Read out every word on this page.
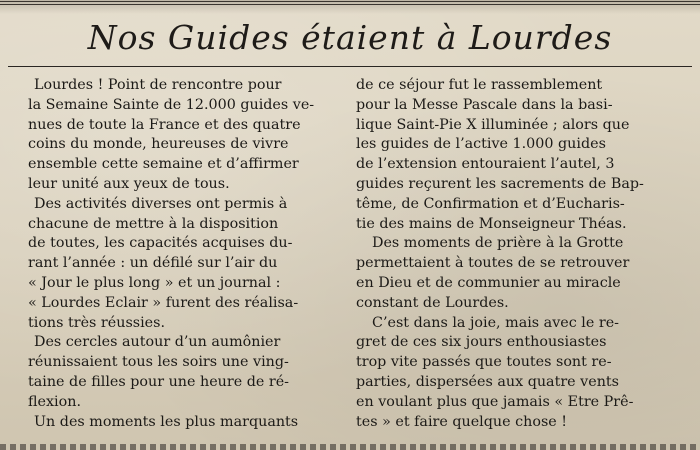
Nos Guides étaient à Lourdes
Lourdes ! Point de rencontre pour
la Semaine Sainte de 12.000 guides ve-
nues de toute la France et des quatre
coins du monde, heureuses de vivre
ensemble cette semaine et d’affirmer
leur unité aux yeux de tous.
Des activités diverses ont permis à
chacune de mettre à la disposition
de toutes, les capacités acquises du-
rant l’année : un défilé sur l’air du
« Jour le plus long » et un journal :
« Lourdes Eclair » furent des réalisa-
tions très réussies.
Des cercles autour d’un aumônier
réunissaient tous les soirs une ving-
taine de filles pour une heure de ré-
flexion.
Un des moments les plus marquants
de ce séjour fut le rassemblement
pour la Messe Pascale dans la basi-
lique Saint-Pie X illuminée ; alors que
les guides de l’active 1.000 guides
de l’extension entouraient l’autel, 3
guides reçurent les sacrements de Bap-
tême, de Confirmation et d’Eucharis-
tie des mains de Monseigneur Théas.
Des moments de prière à la Grotte
permettaient à toutes de se retrouver
en Dieu et de communier au miracle
constant de Lourdes.
C’est dans la joie, mais avec le re-
gret de ces six jours enthousiastes
trop vite passés que toutes sont re-
parties, dispersées aux quatre vents
en voulant plus que jamais « Etre Prê-
tes » et faire quelque chose !
